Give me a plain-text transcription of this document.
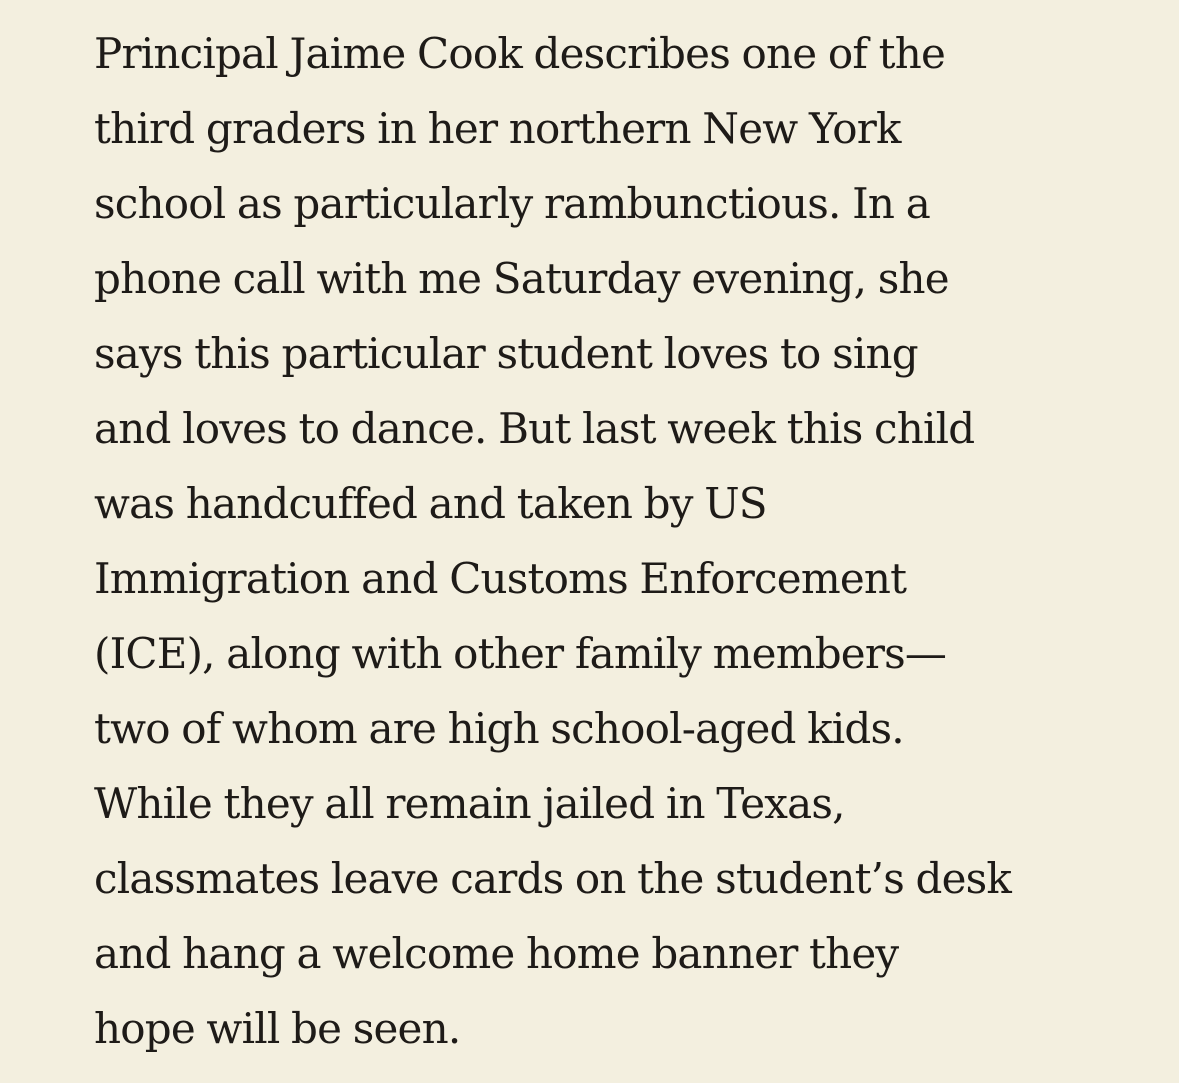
Principal Jaime Cook describes one of the
third graders in her northern New York
school as particularly rambunctious. In a
phone call with me Saturday evening, she
says this particular student loves to sing
and loves to dance. But last week this child
was handcuffed and taken by US
Immigration and Customs Enforcement
(ICE), along with other family members—
two of whom are high school-aged kids.
While they all remain jailed in Texas,
classmates leave cards on the student’s desk
and hang a welcome home banner they
hope will be seen.
